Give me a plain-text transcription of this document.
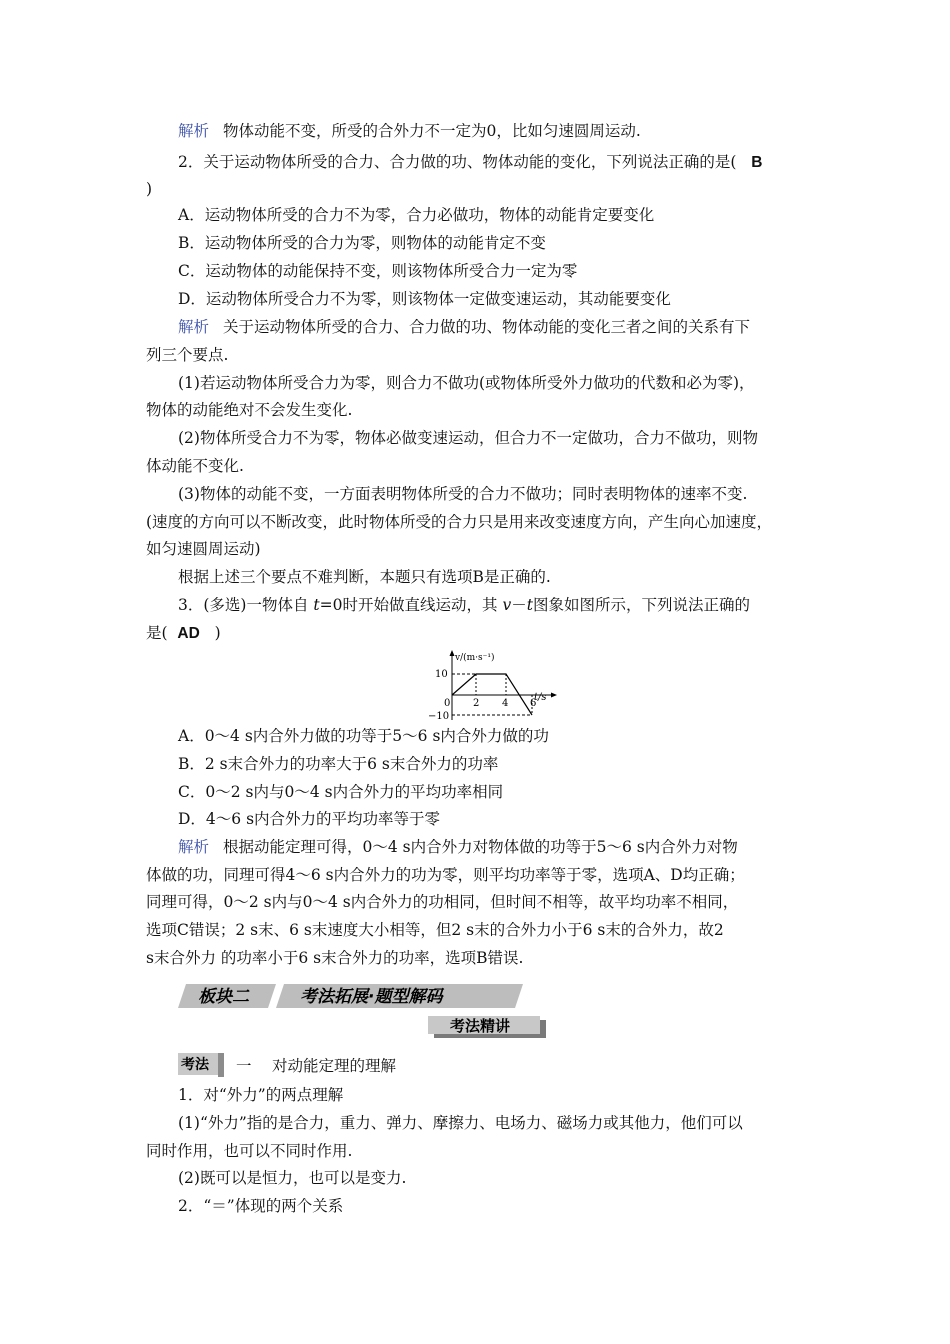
解析 物体动能不变，所受的合外力不一定为0，比如匀速圆周运动.
2．关于运动物体所受的合力、合力做的功、物体动能的变化，下列说法正确的是( B
)
A．运动物体所受的合力不为零，合力必做功，物体的动能肯定要变化
B．运动物体所受的合力为零，则物体的动能肯定不变
C．运动物体的动能保持不变，则该物体所受合力一定为零
D．运动物体所受合力不为零，则该物体一定做变速运动，其动能要变化
解析 关于运动物体所受的合力、合力做的功、物体动能的变化三者之间的关系有下
列三个要点.
(1)若运动物体所受合力为零，则合力不做功(或物体所受外力做功的代数和必为零)，
物体的动能绝对不会发生变化.
(2)物体所受合力不为零，物体必做变速运动，但合力不一定做功，合力不做功，则物
体动能不变化.
(3)物体的动能不变，一方面表明物体所受的合力不做功；同时表明物体的速率不变.
(速度的方向可以不断改变，此时物体所受的合力只是用来改变速度方向，产生向心加速度，
如匀速圆周运动)
根据上述三个要点不难判断，本题只有选项B是正确的.
3．(多选)一物体自 t=0时开始做直线运动，其 v－t图象如图所示，下列说法正确的
是( AD )
v/(m·s⁻¹)
t/s
10
−10
0 2 4 6
A．0～4 s内合外力做的功等于5～6 s内合外力做的功
B．2 s末合外力的功率大于6 s末合外力的功率
C．0～2 s内与0～4 s内合外力的平均功率相同
D．4～6 s内合外力的平均功率等于零
解析 根据动能定理可得，0～4 s内合外力对物体做的功等于5～6 s内合外力对物
体做的功，同理可得4～6 s内合外力的功为零，则平均功率等于零，选项A、D均正确；
同理可得，0～2 s内与0～4 s内合外力的功相同，但时间不相等，故平均功率不相同，
选项C错误；2 s末、6 s末速度大小相等，但2 s末的合外力小于6 s末的合外力，故2
s末合外力 的功率小于6 s末合外力的功率，选项B错误.
板块二	考法拓展·题型解码
考法精讲
考法 一 对动能定理的理解
1．对“外力”的两点理解
(1)“外力”指的是合力，重力、弹力、摩擦力、电场力、磁场力或其他力，他们可以
同时作用，也可以不同时作用.
(2)既可以是恒力，也可以是变力.
2．“＝”体现的两个关系
